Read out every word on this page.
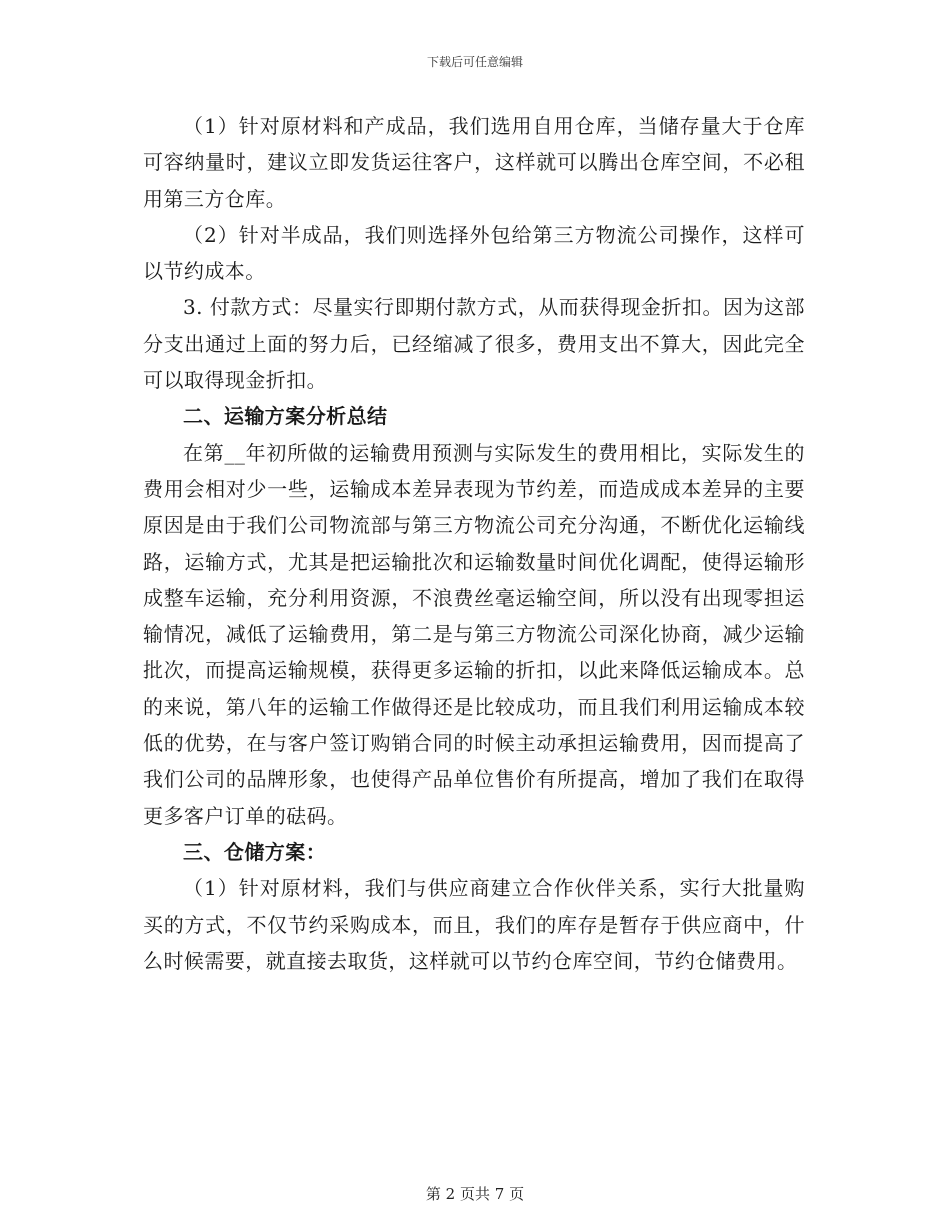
下载后可任意编辑

（1）针对原材料和产成品，我们选用自用仓库，当储存量大于仓库可容纳量时，建议立即发货运往客户，这样就可以腾出仓库空间，不必租用第三方仓库。

（2）针对半成品，我们则选择外包给第三方物流公司操作，这样可以节约成本。

3. 付款方式：尽量实行即期付款方式，从而获得现金折扣。因为这部分支出通过上面的努力后，已经缩减了很多，费用支出不算大，因此完全可以取得现金折扣。

二、运输方案分析总结

在第__年初所做的运输费用预测与实际发生的费用相比，实际发生的费用会相对少一些，运输成本差异表现为节约差，而造成成本差异的主要原因是由于我们公司物流部与第三方物流公司充分沟通，不断优化运输线路，运输方式，尤其是把运输批次和运输数量时间优化调配，使得运输形成整车运输，充分利用资源，不浪费丝毫运输空间，所以没有出现零担运输情况，减低了运输费用，第二是与第三方物流公司深化协商，减少运输批次，而提高运输规模，获得更多运输的折扣，以此来降低运输成本。总的来说，第八年的运输工作做得还是比较成功，而且我们利用运输成本较低的优势，在与客户签订购销合同的时候主动承担运输费用，因而提高了我们公司的品牌形象，也使得产品单位售价有所提高，增加了我们在取得更多客户订单的砝码。

三、仓储方案：

（1）针对原材料，我们与供应商建立合作伙伴关系，实行大批量购买的方式，不仅节约采购成本，而且，我们的库存是暂存于供应商中，什么时候需要，就直接去取货，这样就可以节约仓库空间，节约仓储费用。

第 2 页共 7 页
